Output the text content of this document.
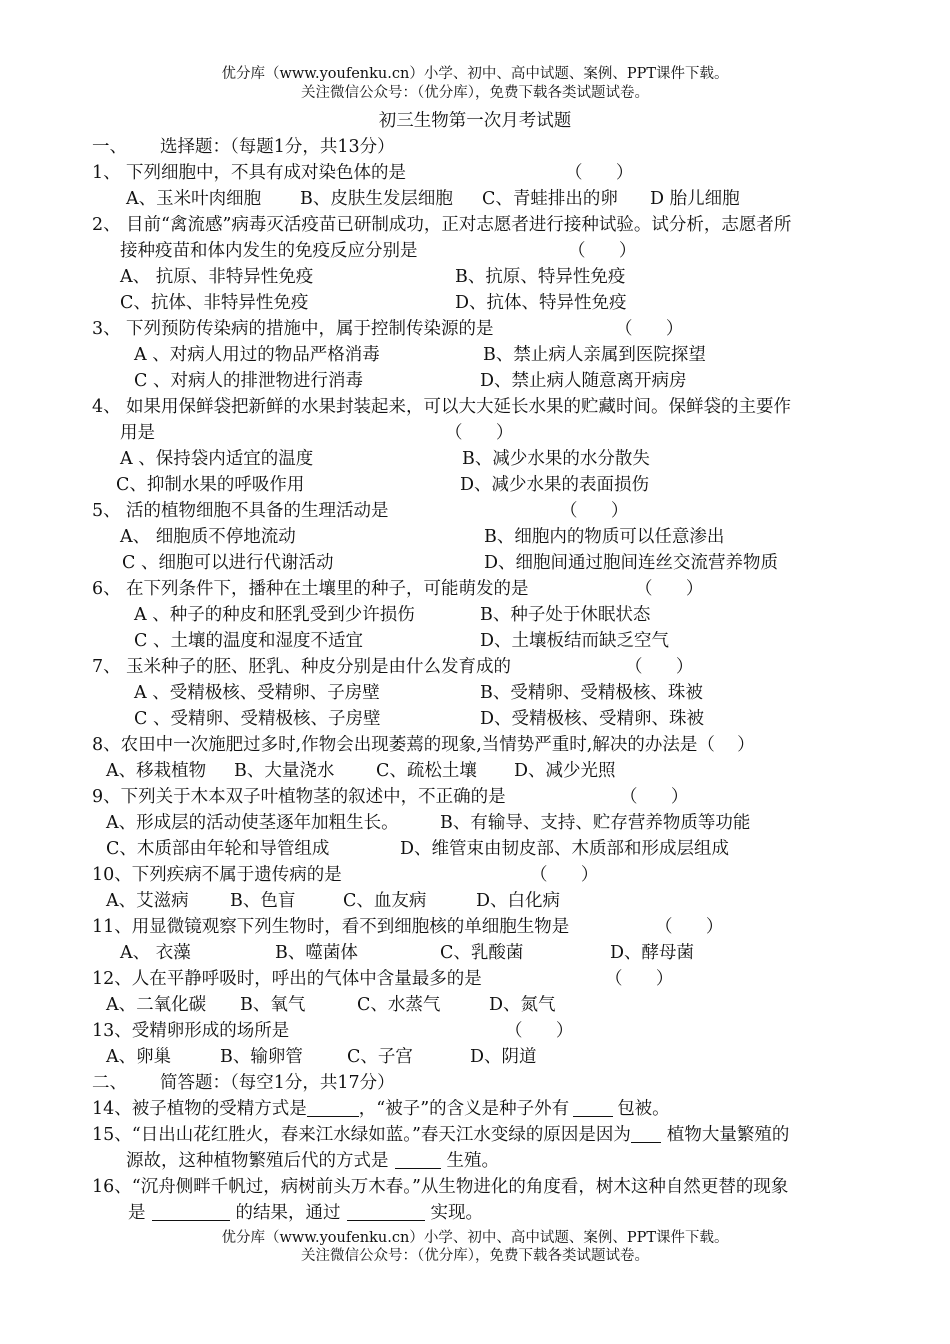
优分库（www.youfenku.cn）小学、初中、高中试题、案例、PPT课件下载。
关注微信公众号：（优分库），免费下载各类试题试卷。
初三生物第一次月考试题
一、 选择题：（每题1分，共13分）
1、 下列细胞中，不具有成对染色体的是	（      ）
A、玉米叶肉细胞 B、皮肤生发层细胞 C、青蛙排出的卵 D 胎儿细胞
2、 目前“禽流感”病毒灭活疫苗已研制成功，正对志愿者进行接种试验。试分析，志愿者所
接种疫苗和体内发生的免疫反应分别是	（      ）
A、 抗原、非特异性免疫	B、抗原、特异性免疫
C、抗体、非特异性免疫	D、抗体、特异性免疫
3、 下列预防传染病的措施中，属于控制传染源的是	（      ）
A 、对病人用过的物品严格消毒	B、禁止病人亲属到医院探望
C 、对病人的排泄物进行消毒	D、禁止病人随意离开病房
4、 如果用保鲜袋把新鲜的水果封装起来，可以大大延长水果的贮藏时间。保鲜袋的主要作
用是	（      ）
A 、保持袋内适宜的温度	B、减少水果的水分散失
C、抑制水果的呼吸作用	D、减少水果的表面损伤
5、 活的植物细胞不具备的生理活动是	（      ）
A、 细胞质不停地流动	B、细胞内的物质可以任意渗出
C 、细胞可以进行代谢活动	D、细胞间通过胞间连丝交流营养物质
6、 在下列条件下，播种在土壤里的种子，可能萌发的是	（      ）
A 、种子的种皮和胚乳受到少许损伤	B、种子处于休眠状态
C 、土壤的温度和湿度不适宜	D、土壤板结而缺乏空气
7、 玉米种子的胚、胚乳、种皮分别是由什么发育成的	（      ）
A 、受精极核、受精卵、子房壁	B、受精卵、受精极核、珠被
C 、受精卵、受精极核、子房壁	D、受精极核、受精卵、珠被
8、农田中一次施肥过多时,作物会出现萎蔫的现象,当情势严重时,解决的办法是（    ）
A、移栽植物 B、大量浇水 C、疏松土壤 D、减少光照
9、下列关于木本双子叶植物茎的叙述中，不正确的是	（      ）
A、形成层的活动使茎逐年加粗生长。 B、有输导、支持、贮存营养物质等功能
C、木质部由年轮和导管组成	D、维管束由韧皮部、木质部和形成层组成
10、下列疾病不属于遗传病的是	（      ）
A、艾滋病 B、色盲	C、血友病	D、白化病
11、用显微镜观察下列生物时，看不到细胞核的单细胞生物是	（      ）
A、 衣藻	B、噬菌体	C、乳酸菌	D、酵母菌
12、人在平静呼吸时，呼出的气体中含量最多的是	（      ）
A、二氧化碳 B、氧气	C、水蒸气	D、氮气
13、受精卵形成的场所是	（      ）
A、卵巢	B、输卵管	C、子宫	D、阴道
二、 简答题：（每空1分，共17分）
14、被子植物的受精方式是	，“被子”的含义是种子外有	包被。
15、“日出山花红胜火，春来江水绿如蓝。”春天江水变绿的原因是因为 植物大量繁殖的
源故，这种植物繁殖后代的方式是	生殖。
16、“沉舟侧畔千帆过，病树前头万木春。”从生物进化的角度看，树木这种自然更替的现象
是	的结果，通过	实现。
优分库（www.youfenku.cn）小学、初中、高中试题、案例、PPT课件下载。
关注微信公众号：（优分库），免费下载各类试题试卷。
